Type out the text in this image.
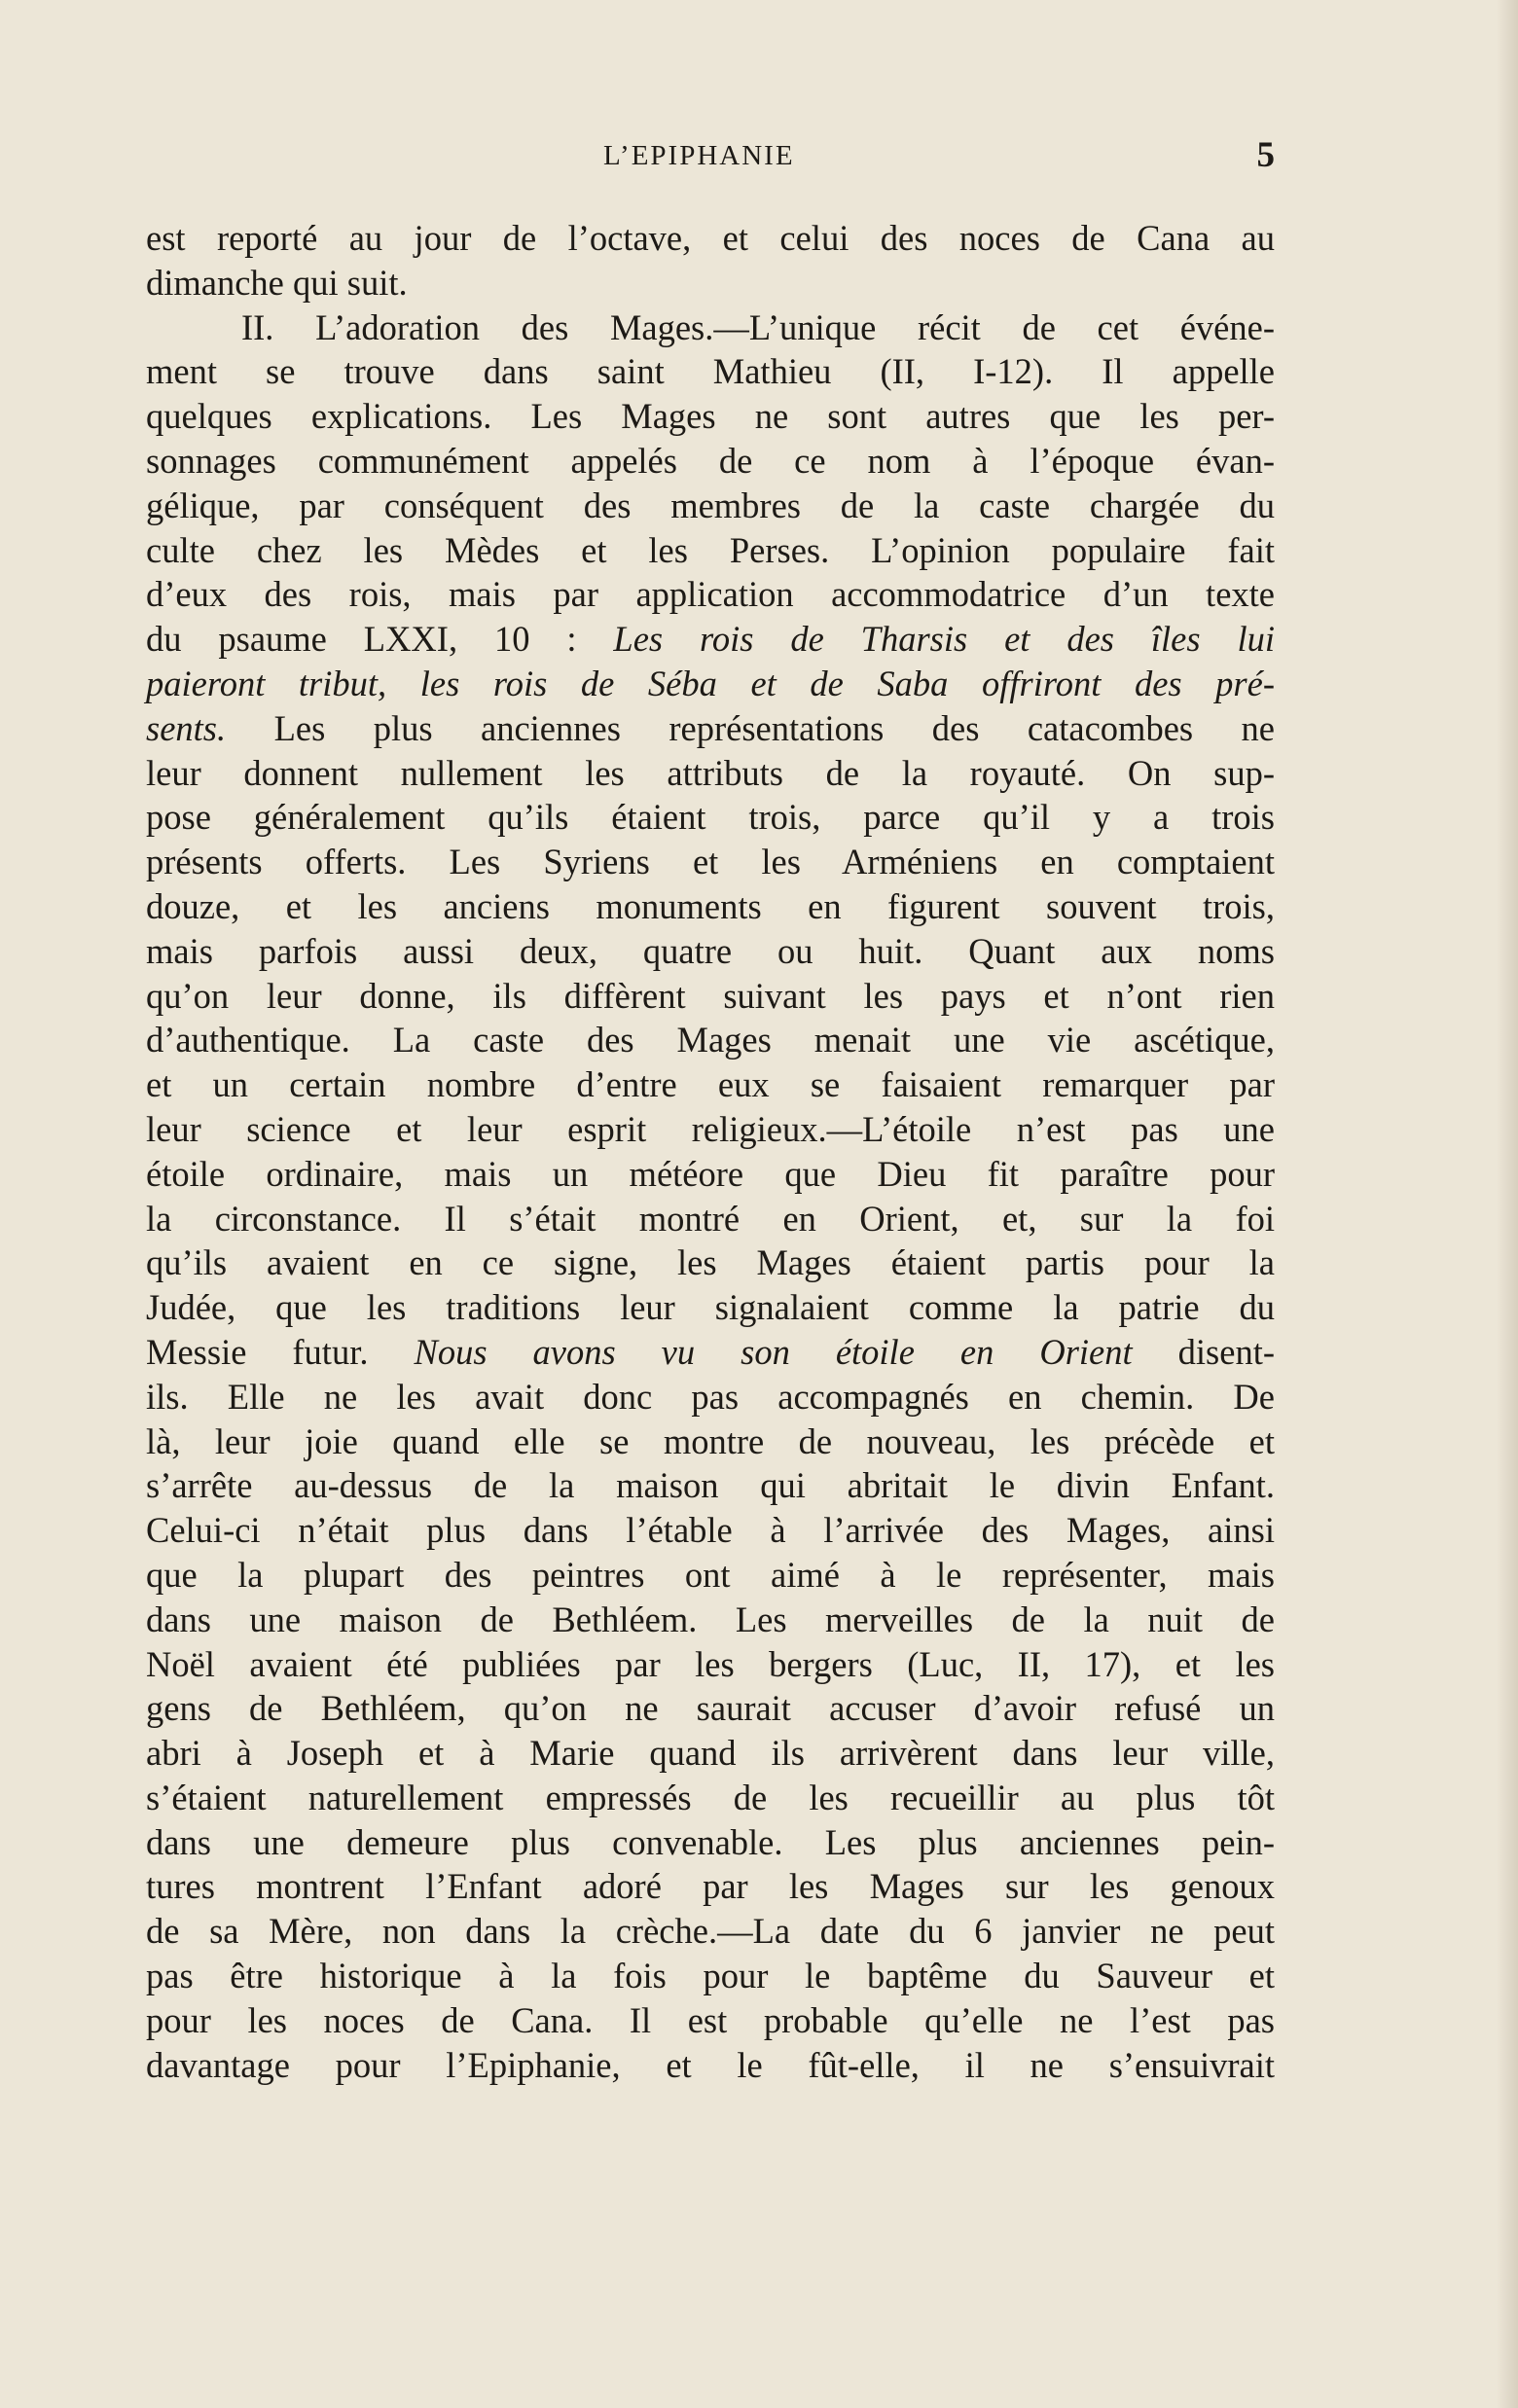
L’EPIPHANIE	5
est reporté au jour de l’octave, et celui des noces de Cana au
dimanche qui suit.
II. L’adoration des Mages.—L’unique récit de cet événe-
ment se trouve dans saint Mathieu (II, I-12). Il appelle
quelques explications. Les Mages ne sont autres que les per-
sonnages communément appelés de ce nom à l’époque évan-
gélique, par conséquent des membres de la caste chargée du
culte chez les Mèdes et les Perses. L’opinion populaire fait
d’eux des rois, mais par application accommodatrice d’un texte
du psaume LXXI, 10 : Les rois de Tharsis et des îles lui
paieront tribut, les rois de Séba et de Saba offriront des pré-
sents. Les plus anciennes représentations des catacombes ne
leur donnent nullement les attributs de la royauté. On sup-
pose généralement qu’ils étaient trois, parce qu’il y a trois
présents offerts. Les Syriens et les Arméniens en comptaient
douze, et les anciens monuments en figurent souvent trois,
mais parfois aussi deux, quatre ou huit. Quant aux noms
qu’on leur donne, ils diffèrent suivant les pays et n’ont rien
d’authentique. La caste des Mages menait une vie ascétique,
et un certain nombre d’entre eux se faisaient remarquer par
leur science et leur esprit religieux.—L’étoile n’est pas une
étoile ordinaire, mais un météore que Dieu fit paraître pour
la circonstance. Il s’était montré en Orient, et, sur la foi
qu’ils avaient en ce signe, les Mages étaient partis pour la
Judée, que les traditions leur signalaient comme la patrie du
Messie futur. Nous avons vu son étoile en Orient disent-
ils. Elle ne les avait donc pas accompagnés en chemin. De
là, leur joie quand elle se montre de nouveau, les précède et
s’arrête au-dessus de la maison qui abritait le divin Enfant.
Celui-ci n’était plus dans l’étable à l’arrivée des Mages, ainsi
que la plupart des peintres ont aimé à le représenter, mais
dans une maison de Bethléem. Les merveilles de la nuit de
Noël avaient été publiées par les bergers (Luc, II, 17), et les
gens de Bethléem, qu’on ne saurait accuser d’avoir refusé un
abri à Joseph et à Marie quand ils arrivèrent dans leur ville,
s’étaient naturellement empressés de les recueillir au plus tôt
dans une demeure plus convenable. Les plus anciennes pein-
tures montrent l’Enfant adoré par les Mages sur les genoux
de sa Mère, non dans la crèche.—La date du 6 janvier ne peut
pas être historique à la fois pour le baptême du Sauveur et
pour les noces de Cana. Il est probable qu’elle ne l’est pas
davantage pour l’Epiphanie, et le fût-elle, il ne s’ensuivrait
